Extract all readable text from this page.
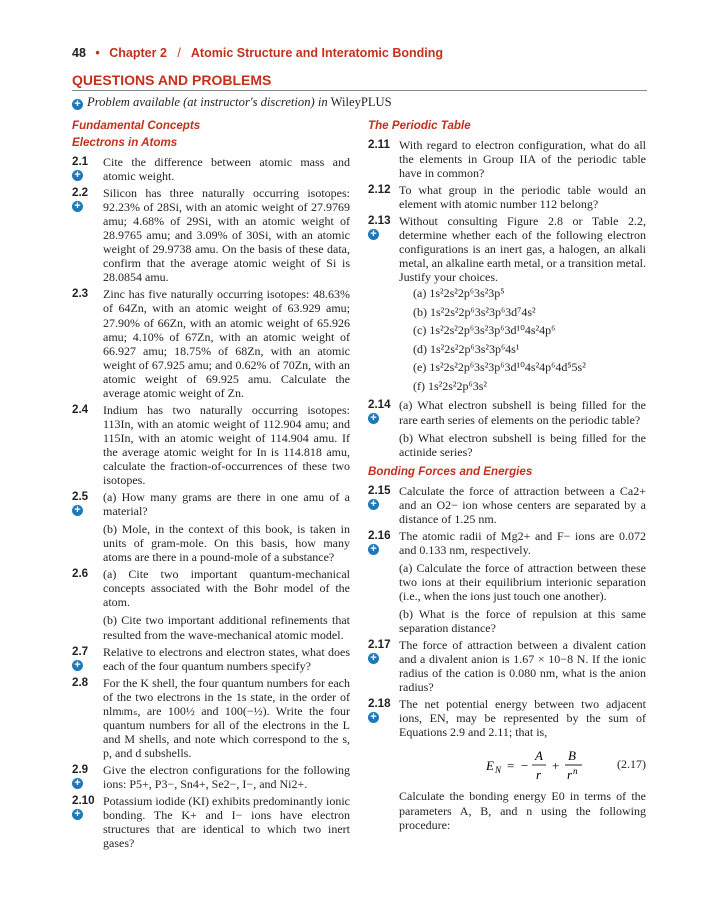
48 • Chapter 2 / Atomic Structure and Interatomic Bonding
QUESTIONS AND PROBLEMS
+ Problem available (at instructor's discretion) in WileyPLUS
Fundamental Concepts
Electrons in Atoms
2.1
+
Cite the difference between atomic mass and atomic weight.
2.2
+
Silicon has three naturally occurring isotopes: 92.23% of 28Si, with an atomic weight of 27.9769 amu; 4.68% of 29Si, with an atomic weight of 28.9765 amu; and 3.09% of 30Si, with an atomic weight of 29.9738 amu. On the basis of these data, confirm that the average atomic weight of Si is 28.0854 amu.
2.3 Zinc has five naturally occurring isotopes: 48.63% of 64Zn, with an atomic weight of 63.929 amu; 27.90% of 66Zn, with an atomic weight of 65.926 amu; 4.10% of 67Zn, with an atomic weight of 66.927 amu; 18.75% of 68Zn, with an atomic weight of 67.925 amu; and 0.62% of 70Zn, with an atomic weight of 69.925 amu. Calculate the average atomic weight of Zn.
2.4 Indium has two naturally occurring isotopes: 113In, with an atomic weight of 112.904 amu; and 115In, with an atomic weight of 114.904 amu. If the average atomic weight for In is 114.818 amu, calculate the fraction-of-occurrences of these two isotopes.
2.5
+
(a) How many grams are there in one amu of a material?
(b) Mole, in the context of this book, is taken in units of gram-mole. On this basis, how many atoms are there in a pound-mole of a substance?
2.6 (a) Cite two important quantum-mechanical concepts associated with the Bohr model of the atom.
(b) Cite two important additional refinements that resulted from the wave-mechanical atomic model.
2.7
+
Relative to electrons and electron states, what does each of the four quantum numbers specify?
2.8 For the K shell, the four quantum numbers for each of the two electrons in the 1s state, in the order of nlmₗmₛ, are 100½ and 100(−½). Write the four quantum numbers for all of the electrons in the L and M shells, and note which correspond to the s, p, and d subshells.
2.9
+
Give the electron configurations for the following ions: P5+, P3−, Sn4+, Se2−, I−, and Ni2+.
2.10
+
Potassium iodide (KI) exhibits predominantly ionic bonding. The K+ and I− ions have electron structures that are identical to which two inert gases?
The Periodic Table
2.11 With regard to electron configuration, what do all the elements in Group IIA of the periodic table have in common?
2.12 To what group in the periodic table would an element with atomic number 112 belong?
2.13
+
Without consulting Figure 2.8 or Table 2.2, determine whether each of the following electron configurations is an inert gas, a halogen, an alkali metal, an alkaline earth metal, or a transition metal. Justify your choices.
(a) 1s²2s²2p⁶3s²3p⁵
(b) 1s²2s²2p⁶3s²3p⁶3d⁷4s²
(c) 1s²2s²2p⁶3s²3p⁶3d¹⁰4s²4p⁶
(d) 1s²2s²2p⁶3s²3p⁶4s¹
(e) 1s²2s²2p⁶3s²3p⁶3d¹⁰4s²4p⁶4d⁵5s²
(f) 1s²2s²2p⁶3s²
2.14
+
(a) What electron subshell is being filled for the rare earth series of elements on the periodic table?
(b) What electron subshell is being filled for the actinide series?
Bonding Forces and Energies
2.15
+
Calculate the force of attraction between a Ca2+ and an O2− ion whose centers are separated by a distance of 1.25 nm.
2.16
+
The atomic radii of Mg2+ and F− ions are 0.072 and 0.133 nm, respectively.
(a) Calculate the force of attraction between these two ions at their equilibrium interionic separation (i.e., when the ions just touch one another).
(b) What is the force of repulsion at this same separation distance?
2.17
+
The force of attraction between a divalent cation and a divalent anion is 1.67 × 10−8 N. If the ionic radius of the cation is 0.080 nm, what is the anion radius?
2.18
+
The net potential energy between two adjacent ions, EN, may be represented by the sum of Equations 2.9 and 2.11; that is,
E N = −
A
r
+
B
r n	(2.17)
Calculate the bonding energy E0 in terms of the parameters A, B, and n using the following procedure:
